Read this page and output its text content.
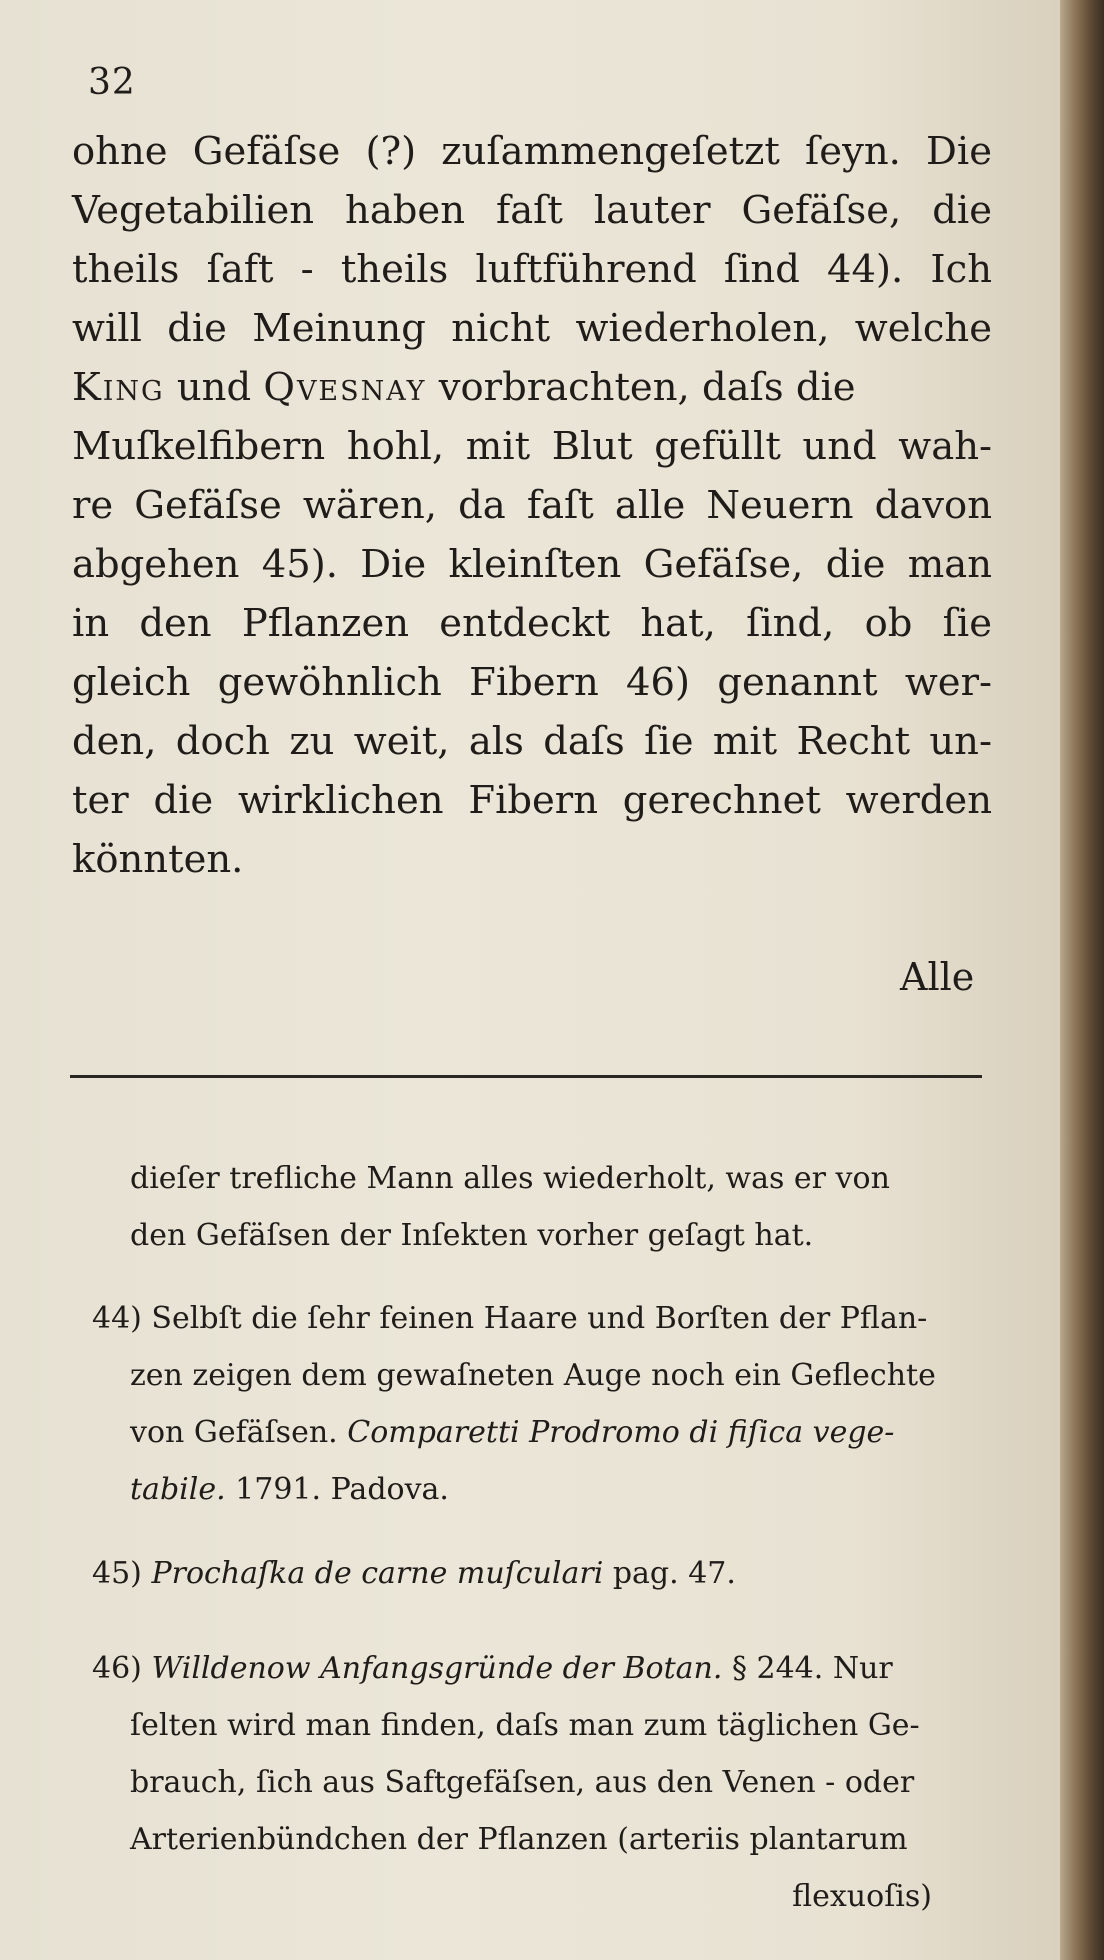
32
ohne Gefäſse (?) zuſammengeſetzt ſeyn. Die
Vegetabilien haben faſt lauter Gefäſse, die
theils ſaft - theils luftführend ſind 44). Ich
will die Meinung nicht wiederholen, welche
King und Qvesnay vorbrachten, daſs die
Muſkelfibern hohl, mit Blut gefüllt und wah-
re Gefäſse wären, da faſt alle Neuern davon
abgehen 45). Die kleinſten Gefäſse, die man
in den Pflanzen entdeckt hat, ſind, ob ſie
gleich gewöhnlich Fibern 46) genannt wer-
den, doch zu weit, als daſs ſie mit Recht un-
ter die wirklichen Fibern gerechnet werden
könnten.
Alle
dieſer trefliche Mann alles wiederholt, was er von
den Gefäſsen der Inſekten vorher geſagt hat.
44) Selbſt die ſehr feinen Haare und Borſten der Pflan-
zen zeigen dem gewaſneten Auge noch ein Geflechte
von Gefäſsen. Comparetti Prodromo di fiſica vege-
tabile. 1791. Padova.
45) Prochaſka de carne muſculari pag. 47.
46) Willdenow Anfangsgründe der Botan. § 244. Nur
ſelten wird man finden, daſs man zum täglichen Ge-
brauch, ſich aus Saftgefäſsen, aus den Venen - oder
Arterienbündchen der Pflanzen (arteriis plantarum
flexuoſis)
